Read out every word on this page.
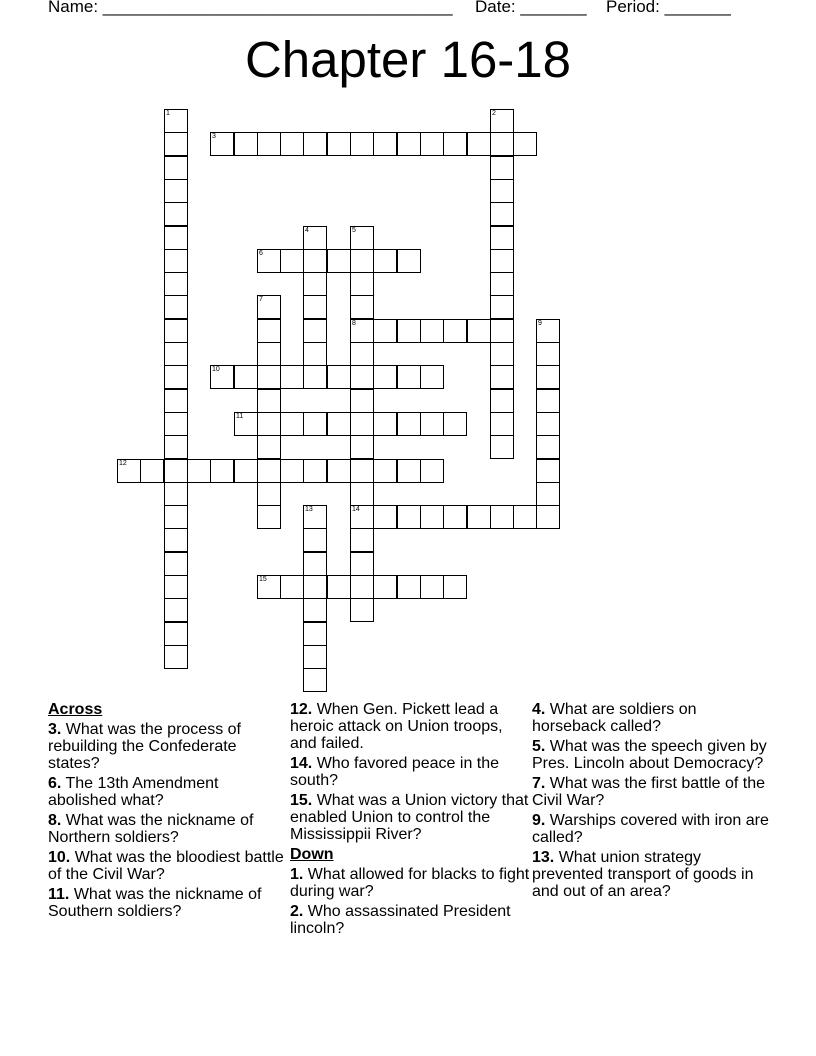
Name: _____________________________________ Date: _______ Period: _______
Chapter 16-18
1	2
3
4	5
8
14
6
7
9
10
11
12
13
15
Across
3. What was the process of rebuilding the Confederate states?
6. The 13th Amendment abolished what?
8. What was the nickname of Northern soldiers?
10. What was the bloodiest battle of the Civil War?
11. What was the nickname of Southern soldiers?
12. When Gen. Pickett lead a heroic attack on Union troops, and failed.
14. Who favored peace in the south?
15. What was a Union victory that enabled Union to control the Mississippii River?
Down
1. What allowed for blacks to fight during war?
2. Who assassinated President lincoln?
4. What are soldiers on horseback called?
5. What was the speech given by Pres. Lincoln about Democracy?
7. What was the first battle of the Civil War?
9. Warships covered with iron are called?
13. What union strategy prevented transport of goods in and out of an area?
